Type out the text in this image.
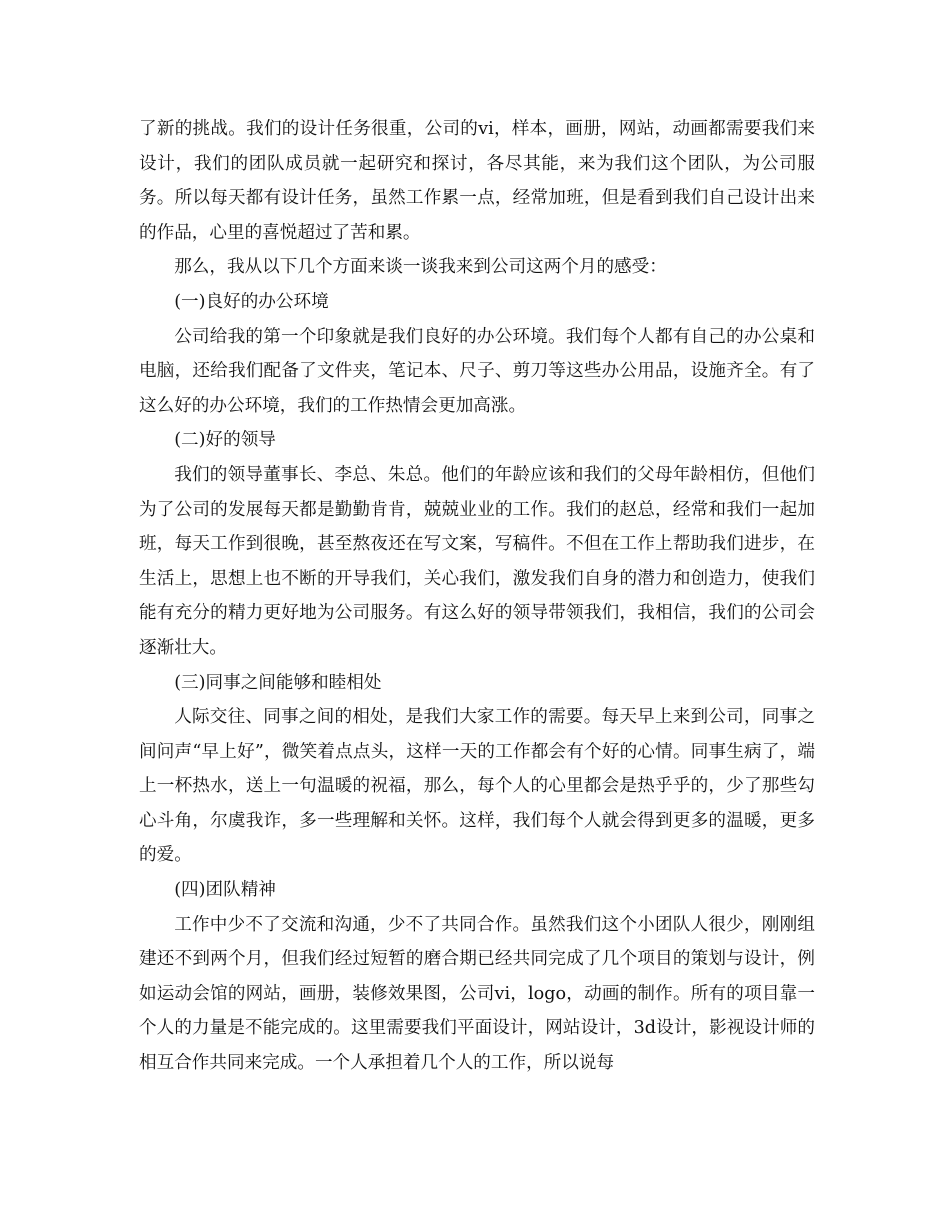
了新的挑战。我们的设计任务很重，公司的vi，样本，画册，网站，动画都需要我们来设计，我们的团队成员就一起研究和探讨，各尽其能，来为我们这个团队，为公司服务。所以每天都有设计任务，虽然工作累一点，经常加班，但是看到我们自己设计出来的作品，心里的喜悦超过了苦和累。

那么，我从以下几个方面来谈一谈我来到公司这两个月的感受：

(一)良好的办公环境

公司给我的第一个印象就是我们良好的办公环境。我们每个人都有自己的办公桌和电脑，还给我们配备了文件夹，笔记本、尺子、剪刀等这些办公用品，设施齐全。有了这么好的办公环境，我们的工作热情会更加高涨。

(二)好的领导

我们的领导董事长、李总、朱总。他们的年龄应该和我们的父母年龄相仿，但他们为了公司的发展每天都是勤勤肯肯，兢兢业业的工作。我们的赵总，经常和我们一起加班，每天工作到很晚，甚至熬夜还在写文案，写稿件。不但在工作上帮助我们进步，在生活上，思想上也不断的开导我们，关心我们，激发我们自身的潜力和创造力，使我们能有充分的精力更好地为公司服务。有这么好的领导带领我们，我相信，我们的公司会逐渐壮大。

(三)同事之间能够和睦相处

人际交往、同事之间的相处，是我们大家工作的需要。每天早上来到公司，同事之间问声“早上好”，微笑着点点头，这样一天的工作都会有个好的心情。同事生病了，端上一杯热水，送上一句温暖的祝福，那么，每个人的心里都会是热乎乎的，少了那些勾心斗角，尔虞我诈，多一些理解和关怀。这样，我们每个人就会得到更多的温暖，更多的爱。

(四)团队精神

工作中少不了交流和沟通，少不了共同合作。虽然我们这个小团队人很少，刚刚组建还不到两个月，但我们经过短暂的磨合期已经共同完成了几个项目的策划与设计，例如运动会馆的网站，画册，装修效果图，公司vi，logo，动画的制作。所有的项目靠一个人的力量是不能完成的。这里需要我们平面设计，网站设计，3d设计，影视设计师的相互合作共同来完成。一个人承担着几个人的工作，所以说每
